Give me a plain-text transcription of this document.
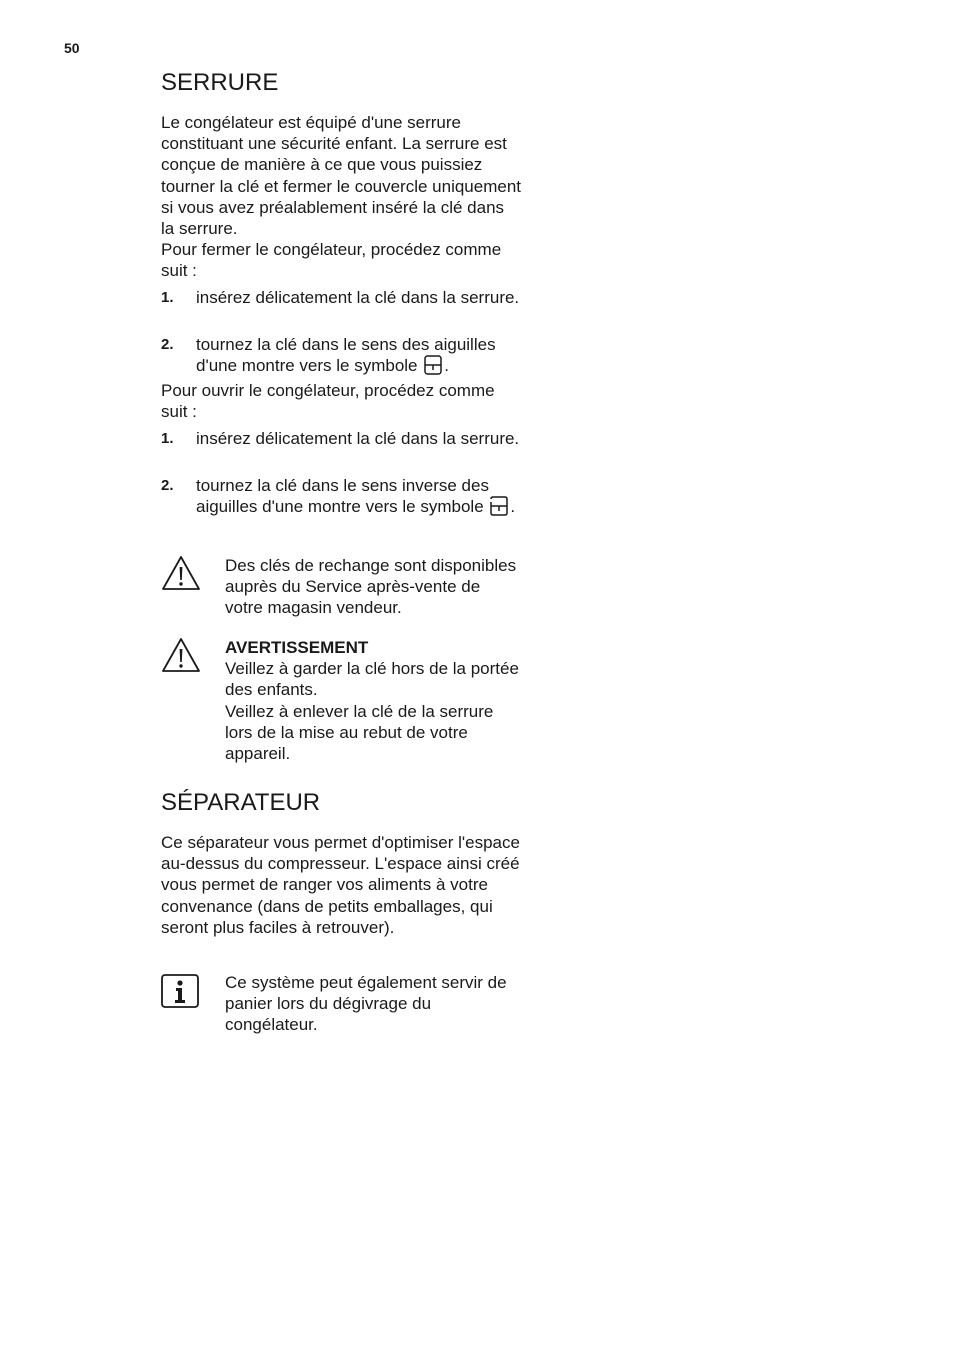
50
SERRURE

Le congélateur est équipé d'une serrure constituant une sécurité enfant. La serrure est conçue de manière à ce que vous puissiez tourner la clé et fermer le couvercle uniquement si vous avez préalablement inséré la clé dans la serrure.

Pour fermer le congélateur, procédez comme suit :

1. insérez délicatement la clé dans la serrure.
2. tournez la clé dans le sens des aiguilles d'une montre vers le symbole .

Pour ouvrir le congélateur, procédez comme suit :

1. insérez délicatement la clé dans la serrure.
2. tournez la clé dans le sens inverse des aiguilles d'une montre vers le symbole .
Des clés de rechange sont disponibles auprès du Service après-vente de votre magasin vendeur.
AVERTISSEMENT
Veillez à garder la clé hors de la portée des enfants.
Veillez à enlever la clé de la serrure lors de la mise au rebut de votre appareil.
SÉPARATEUR

Ce séparateur vous permet d'optimiser l'espace au-dessus du compresseur. L'espace ainsi créé vous permet de ranger vos aliments à votre convenance (dans de petits emballages, qui seront plus faciles à retrouver).

Ce système peut également servir de panier lors du dégivrage du congélateur.
